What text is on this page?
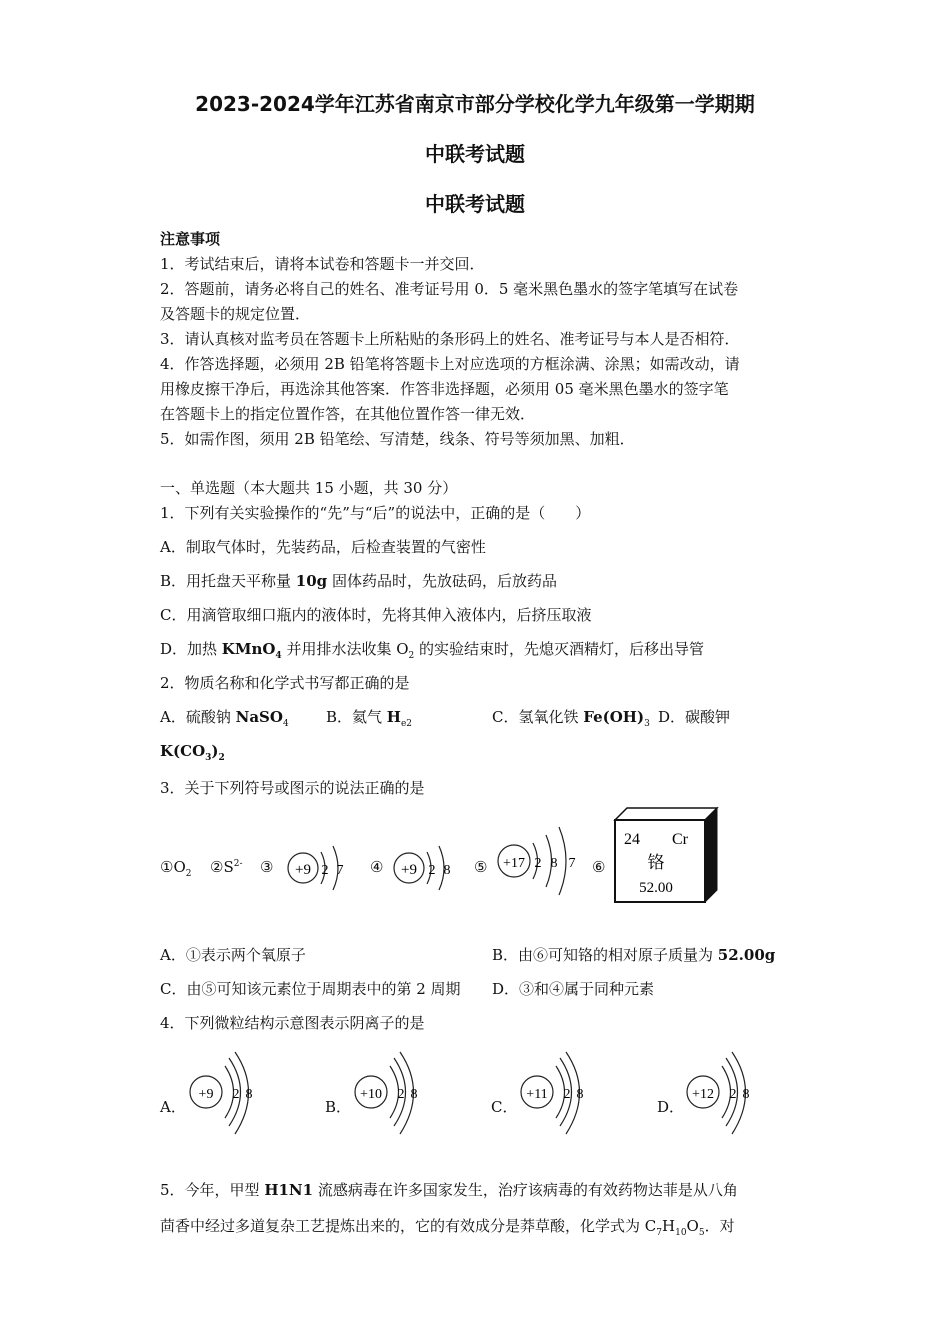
2023-2024学年江苏省南京市部分学校化学九年级第一学期期
中联考试题
中联考试题
注意事项
1．考试结束后，请将本试卷和答题卡一并交回．
2．答题前，请务必将自己的姓名、准考证号用 0．5 毫米黑色墨水的签字笔填写在试卷
及答题卡的规定位置．
3．请认真核对监考员在答题卡上所粘贴的条形码上的姓名、准考证号与本人是否相符．
4．作答选择题，必须用 2B 铅笔将答题卡上对应选项的方框涂满、涂黑；如需改动，请
用橡皮擦干净后，再选涂其他答案．作答非选择题，必须用 05 毫米黑色墨水的签字笔
在答题卡上的指定位置作答，在其他位置作答一律无效．
5．如需作图，须用 2B 铅笔绘、写清楚，线条、符号等须加黑、加粗．
一、单选题（本大题共 15 小题，共 30 分）
1．下列有关实验操作的“先”与“后”的说法中，正确的是（　　）
A．制取气体时，先装药品，后检查装置的气密性
B．用托盘天平称量 10g 固体药品时，先放砝码，后放药品
C．用滴管取细口瓶内的液体时，先将其伸入液体内，后挤压取液
D．加热 KMnO$_4$ 并用排水法收集 $O_2$ 的实验结束时，先熄灭酒精灯，后移出导管
2．物质名称和化学式书写都正确的是
A．硫酸钠 NaSO$_4$	B．氦气 $H_{e2}$	C．氢氧化铁 $Fe(OH)_3$ D．碳酸钾
$K(CO_3)_2$
3．关于下列符号或图示的说法正确的是
$①O_2$	$②S^{2-}$	③	+9 2 7 ④	+9 2 8 ⑤	+17 2 8 7 ⑥
24 Cr
铬
52.00
A．①表示两个氧原子	B．由⑥可知铬的相对原子质量为 52.00g
C．由⑤可知该元素位于周期表中的第 2 周期	D．③和④属于同种元素
4．下列微粒结构示意图表示阴离子的是
A．
+9 2 8
B．
+10 2 8
C．
+11 2 8
D．
+12 2 8
5．今年，甲型 H1N1 流感病毒在许多国家发生，治疗该病毒的有效药物达菲是从八角
茴香中经过多道复杂工艺提炼出来的，它的有效成分是莽草酸，化学式为 $C_7H_{10}O_5$．对
